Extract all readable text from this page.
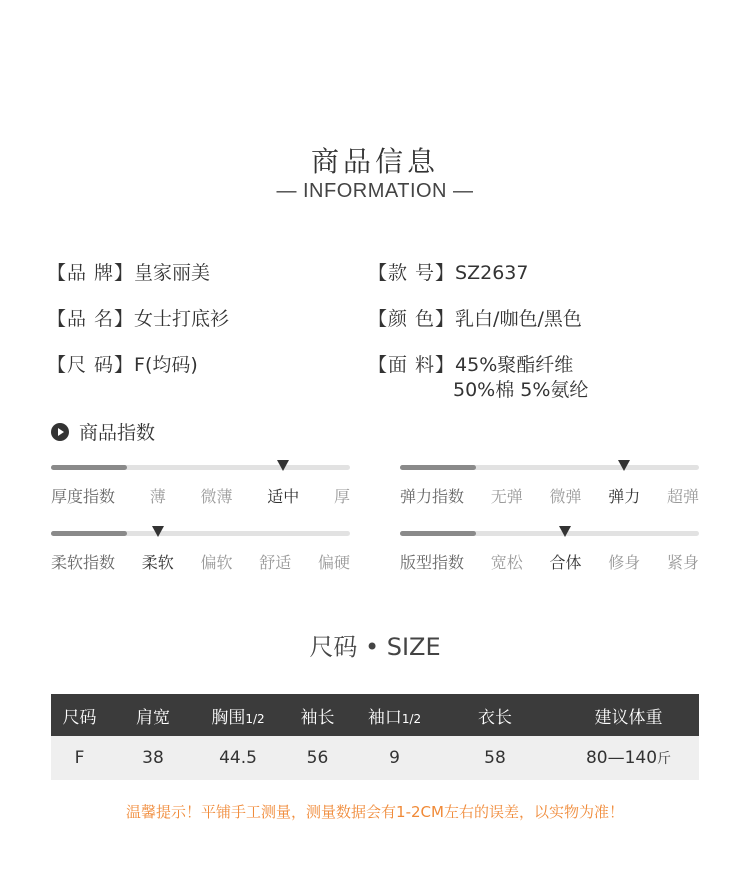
商品信息
— INFORMATION —
【品 牌】皇家丽美	【款 号】SZ2637
【品 名】女士打底衫	【颜 色】乳白/咖色/黑色
【尺 码】F(均码)	【面 料】45%聚酯纤维
50%棉 5%氨纶
商品指数
厚度指数 薄 微薄 适中 厚	弹力指数 无弹 微弹 弹力 超弹
柔软指数 柔软 偏软 舒适 偏硬	版型指数 宽松 合体 修身 紧身
尺码 • SIZE
尺码	肩宽	胸围1/2	袖长	袖口1/2	衣长	建议体重
F	38	44.5	56	9	58	80—140斤
温馨提示！平铺手工测量，测量数据会有1-2CM左右的误差，以实物为准！
